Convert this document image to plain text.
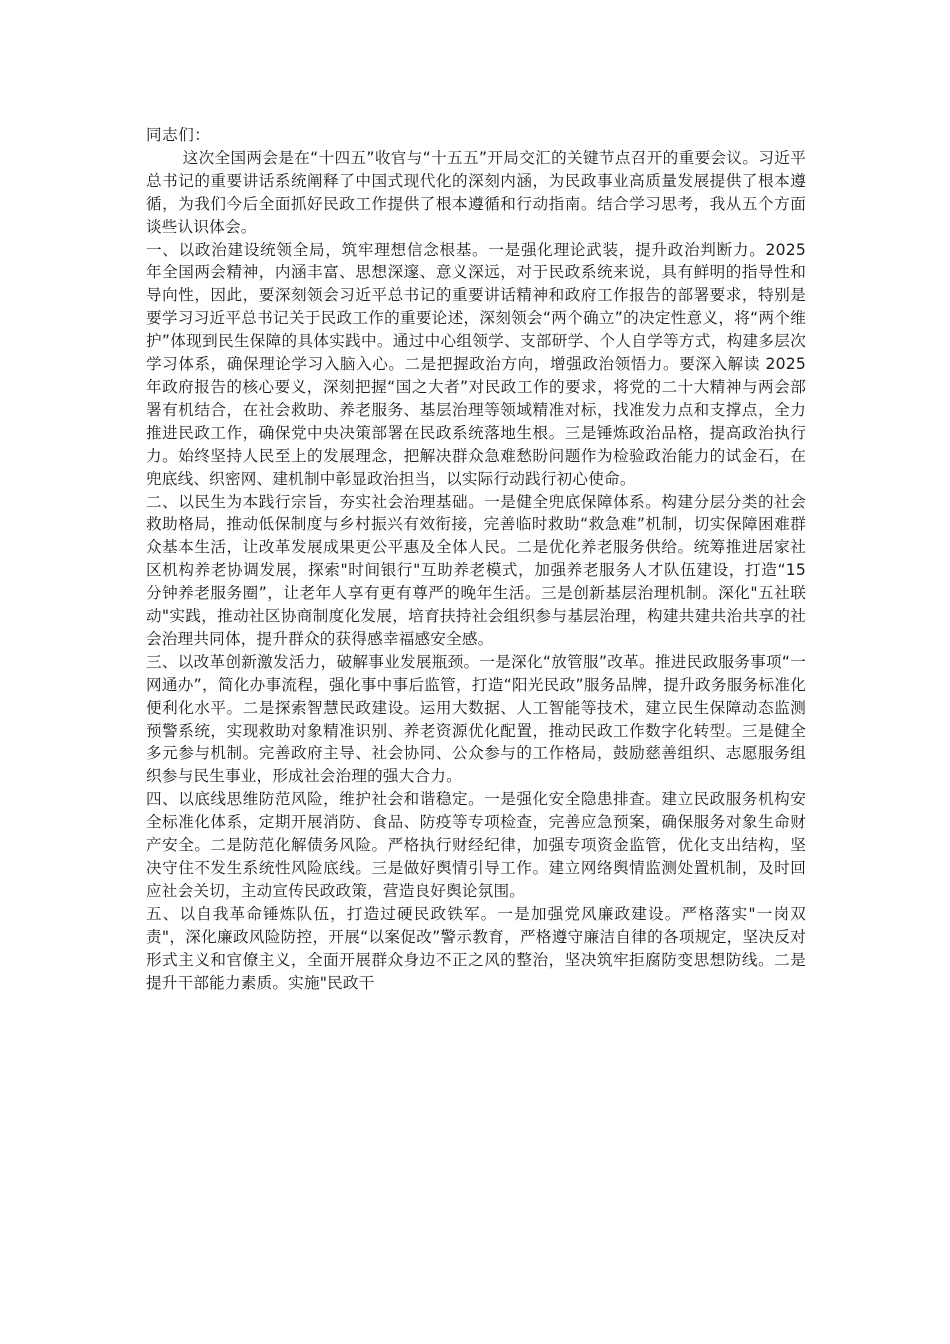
同志们：

这次全国两会是在“十四五”收官与“十五五”开局交汇的关键节点召开的重要会议。习近平总书记的重要讲话系统阐释了中国式现代化的深刻内涵，为民政事业高质量发展提供了根本遵循，为我们今后全面抓好民政工作提供了根本遵循和行动指南。结合学习思考，我从五个方面谈些认识体会。

一、以政治建设统领全局，筑牢理想信念根基。一是强化理论武装，提升政治判断力。2025 年全国两会精神，内涵丰富、思想深邃、意义深远，对于民政系统来说，具有鲜明的指导性和导向性，因此，要深刻领会习近平总书记的重要讲话精神和政府工作报告的部署要求，特别是要学习习近平总书记关于民政工作的重要论述，深刻领会“两个确立”的决定性意义，将“两个维护”体现到民生保障的具体实践中。通过中心组领学、支部研学、个人自学等方式，构建多层次学习体系，确保理论学习入脑入心。二是把握政治方向，增强政治领悟力。要深入解读 2025 年政府报告的核心要义，深刻把握“国之大者”对民政工作的要求，将党的二十大精神与两会部署有机结合，在社会救助、养老服务、基层治理等领域精准对标，找准发力点和支撑点，全力推进民政工作，确保党中央决策部署在民政系统落地生根。三是锤炼政治品格，提高政治执行力。始终坚持人民至上的发展理念，把解决群众急难愁盼问题作为检验政治能力的试金石，在兜底线、织密网、建机制中彰显政治担当，以实际行动践行初心使命。

二、以民生为本践行宗旨，夯实社会治理基础。一是健全兜底保障体系。构建分层分类的社会救助格局，推动低保制度与乡村振兴有效衔接，完善临时救助“救急难”机制，切实保障困难群众基本生活，让改革发展成果更公平惠及全体人民。二是优化养老服务供给。统筹推进居家社区机构养老协调发展，探索"时间银行"互助养老模式，加强养老服务人才队伍建设，打造“15 分钟养老服务圈”，让老年人享有更有尊严的晚年生活。三是创新基层治理机制。深化"五社联动"实践，推动社区协商制度化发展，培育扶持社会组织参与基层治理，构建共建共治共享的社会治理共同体，提升群众的获得感幸福感安全感。

三、以改革创新激发活力，破解事业发展瓶颈。一是深化“放管服”改革。推进民政服务事项“一网通办”，简化办事流程，强化事中事后监管，打造“阳光民政”服务品牌，提升政务服务标准化便利化水平。二是探索智慧民政建设。运用大数据、人工智能等技术，建立民生保障动态监测预警系统，实现救助对象精准识别、养老资源优化配置，推动民政工作数字化转型。三是健全多元参与机制。完善政府主导、社会协同、公众参与的工作格局，鼓励慈善组织、志愿服务组织参与民生事业，形成社会治理的强大合力。

四、以底线思维防范风险，维护社会和谐稳定。一是强化安全隐患排查。建立民政服务机构安全标准化体系，定期开展消防、食品、防疫等专项检查，完善应急预案，确保服务对象生命财产安全。二是防范化解债务风险。严格执行财经纪律，加强专项资金监管，优化支出结构，坚决守住不发生系统性风险底线。三是做好舆情引导工作。建立网络舆情监测处置机制，及时回应社会关切，主动宣传民政政策，营造良好舆论氛围。

五、以自我革命锤炼队伍，打造过硬民政铁军。一是加强党风廉政建设。严格落实"一岗双责"，深化廉政风险防控，开展“以案促改”警示教育，严格遵守廉洁自律的各项规定，坚决反对形式主义和官僚主义，全面开展群众身边不正之风的整治，坚决筑牢拒腐防变思想防线。二是提升干部能力素质。实施"民政干
